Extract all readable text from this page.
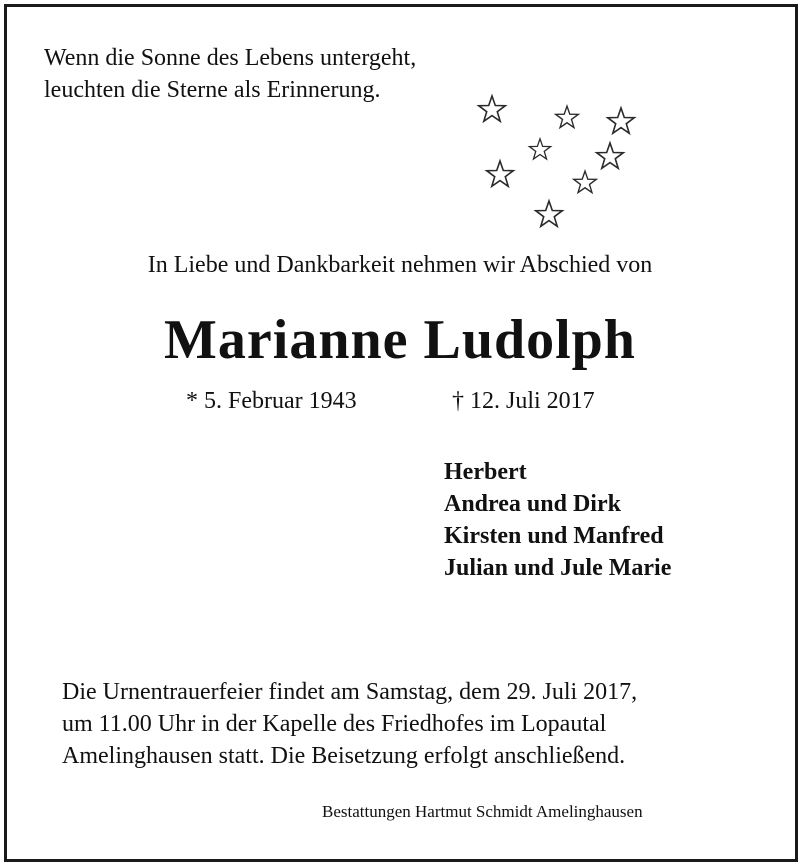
Wenn die Sonne des Lebens untergeht,
leuchten die Sterne als Erinnerung.
In Liebe und Dankbarkeit nehmen wir Abschied von
Marianne Ludolph
* 5. Februar 1943	† 12. Juli 2017
Herbert
Andrea und Dirk
Kirsten und Manfred
Julian und Jule Marie
Die Urnentrauerfeier findet am Samstag, dem 29. Juli 2017,
um 11.00 Uhr in der Kapelle des Friedhofes im Lopautal
Amelinghausen statt. Die Beisetzung erfolgt anschließend.
Bestattungen Hartmut Schmidt Amelinghausen
